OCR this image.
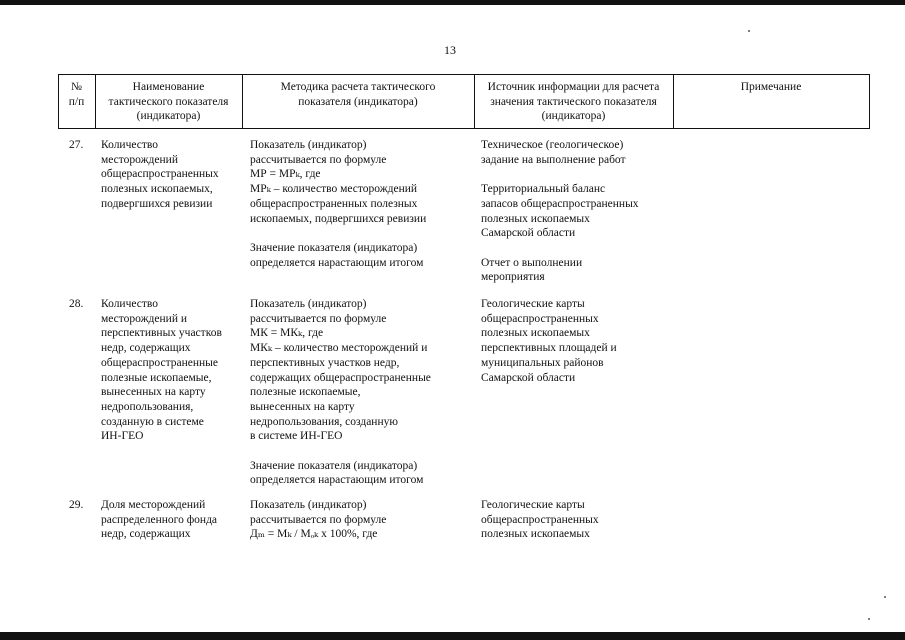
13
№
п/п
Наименование
тактического показателя
(индикатора)
Методика расчета тактического
показателя (индикатора)
Источник информации для расчета
значения тактического показателя
(индикатора)
Примечание
27. Количество
месторождений
общераспространенных
полезных ископаемых,
подвергшихся ревизии
Показатель (индикатор)
рассчитывается по формуле
МР = МРₖ, где
МРₖ – количество месторождений
общераспространенных полезных
ископаемых, подвергшихся ревизии
Значение показателя (индикатора)
определяется нарастающим итогом
Техническое (геологическое)
задание на выполнение работ
Территориальный баланс
запасов общераспространенных
полезных ископаемых
Самарской области
Отчет о выполнении
мероприятия
28. Количество
месторождений и
перспективных участков
недр, содержащих
общераспространенные
полезные ископаемые,
вынесенных на карту
недропользования,
созданную в системе
ИН-ГЕО
Показатель (индикатор)
рассчитывается по формуле
МК = МКₖ, где
МКₖ – количество месторождений и
перспективных участков недр,
содержащих общераспространенные
полезные ископаемые,
вынесенных на карту
недропользования, созданную
в системе ИН-ГЕО
Значение показателя (индикатора)
определяется нарастающим итогом
Геологические карты
общераспространенных
полезных ископаемых
перспективных площадей и
муниципальных районов
Самарской области
29. Доля месторождений
распределенного фонда
недр, содержащих
Показатель (индикатор)
рассчитывается по формуле
Дₘ = Мₖ / Мₒₖ x 100%, где
Геологические карты
общераспространенных
полезных ископаемых
